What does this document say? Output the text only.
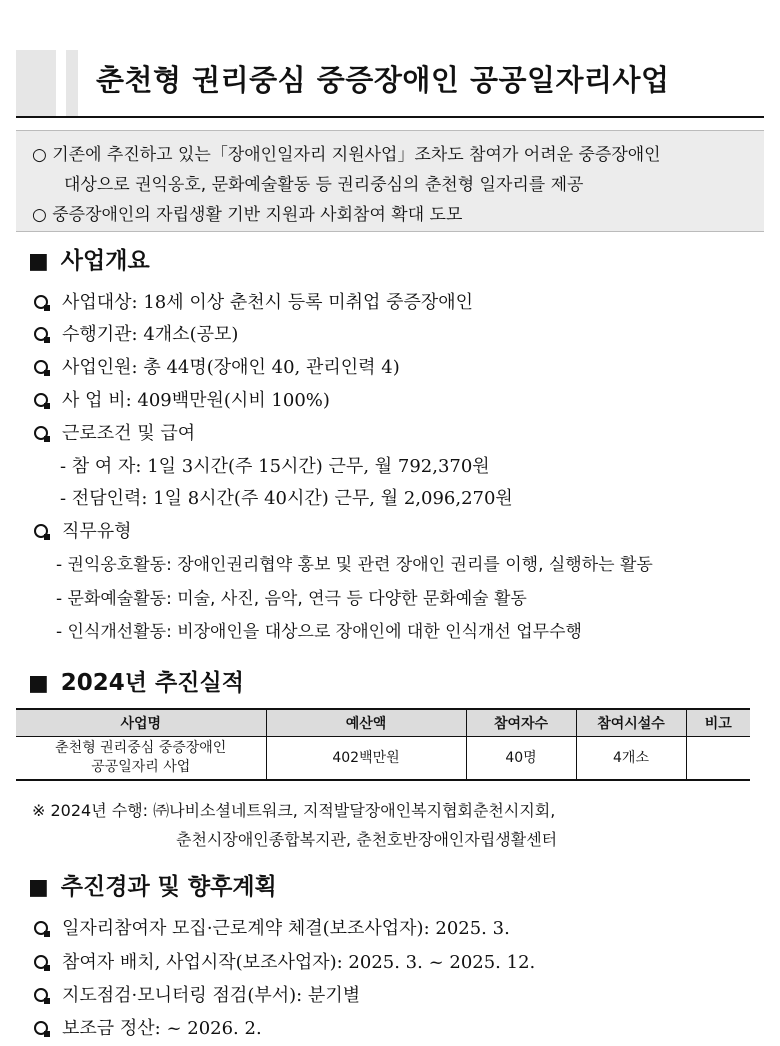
춘천형 권리중심 중증장애인 공공일자리사업
○ 기존에 추진하고 있는「장애인일자리 지원사업」조차도 참여가 어려운 중증장애인
대상으로 권익옹호, 문화예술활동 등 권리중심의 춘천형 일자리를 제공
○ 중증장애인의 자립생활 기반 지원과 사회참여 확대 도모
■ 사업개요
사업대상: 18세 이상 춘천시 등록 미취업 중증장애인
수행기관: 4개소(공모)
사업인원: 총 44명(장애인 40, 관리인력 4)
사 업 비: 409백만원(시비 100%)
근로조건 및 급여
- 참 여 자: 1일 3시간(주 15시간) 근무, 월 792,370원
- 전담인력: 1일 8시간(주 40시간) 근무, 월 2,096,270원
직무유형
- 권익옹호활동: 장애인권리협약 홍보 및 관련 장애인 권리를 이행, 실행하는 활동
- 문화예술활동: 미술, 사진, 음악, 연극 등 다양한 문화예술 활동
- 인식개선활동: 비장애인을 대상으로 장애인에 대한 인식개선 업무수행
■ 2024년 추진실적
사업명	예산액	참여자수	참여시설수	비고
춘천형 권리중심 중증장애인
공공일자리 사업	402백만원	40명	4개소	
※ 2024년 수행: ㈜나비소셜네트워크, 지적발달장애인복지협회춘천시지회,
춘천시장애인종합복지관, 춘천호반장애인자립생활센터
■ 추진경과 및 향후계획
일자리참여자 모집·근로계약 체결(보조사업자): 2025. 3.
참여자 배치, 사업시작(보조사업자): 2025. 3. ~ 2025. 12.
지도점검·모니터링 점검(부서): 분기별
보조금 정산: ~ 2026. 2.
